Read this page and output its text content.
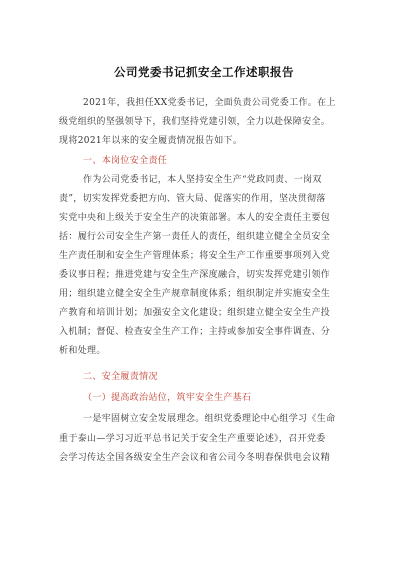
公司党委书记抓安全工作述职报告
2021年，我担任XX党委书记，全面负责公司党委工作。在上
级党组织的坚强领导下，我们坚持党建引领，全力以赴保障安全。
现将2021年以来的安全履责情况报告如下。
一、本岗位安全责任
作为公司党委书记，本人坚持安全生产“党政同责、一岗双
责”，切实发挥党委把方向、管大局、促落实的作用，坚决贯彻落
实党中央和上级关于安全生产的决策部署。本人的安全责任主要包
括：履行公司安全生产第一责任人的责任，组织建立健全全员安全
生产责任制和安全生产管理体系；将安全生产工作重要事项列入党
委议事日程；推进党建与安全生产深度融合，切实发挥党建引领作
用；组织建立健全安全生产规章制度体系；组织制定并实施安全生
产教育和培训计划；加强安全文化建设；组织建立健全安全生产投
入机制；督促、检查安全生产工作；主持或参加安全事件调查、分
析和处理。
二、安全履责情况
（一）提高政治站位，筑牢安全生产基石
一是牢固树立安全发展理念。组织党委理论中心组学习《生命
重于泰山—学习习近平总书记关于安全生产重要论述》，召开党委
会学习传达全国各级安全生产会议和省公司今冬明春保供电会议精
